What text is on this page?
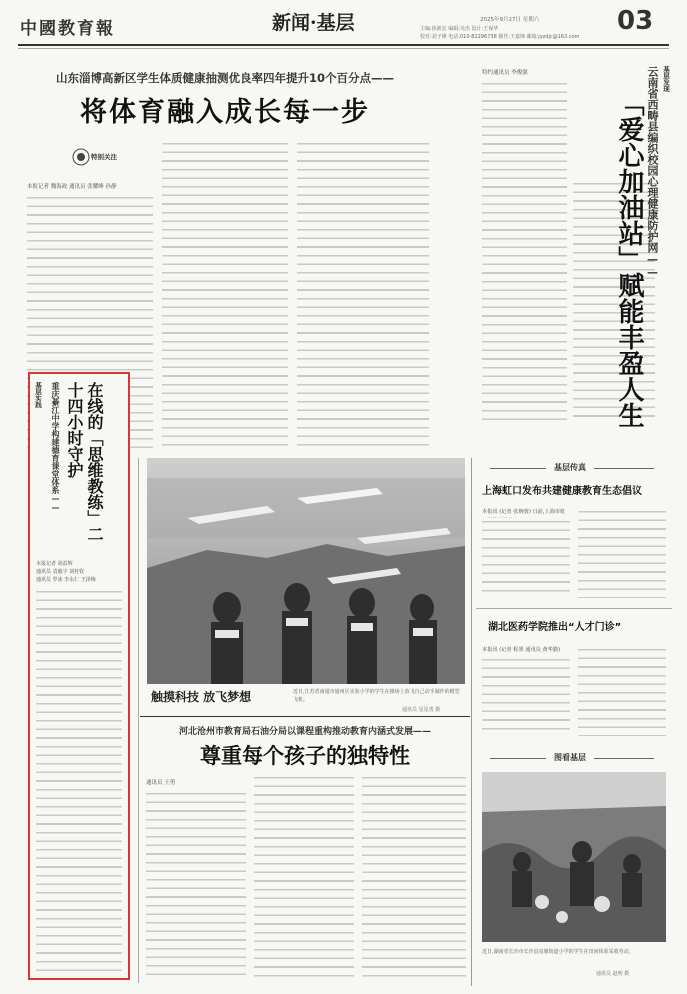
中國教育報	新闻·基层	2025年9月27日 星期六
主编:焦新宏 编辑:吴杰 设计:王保华
校对:刘子锋 电话:010-82296738 制作:王嘉锋 邮箱:jyzdjc@163.com
03
山东淄博高新区学生体质健康抽测优良率四年提升10个百分点——
将体育融入成长每一步
特别关注
本报记者 魏海政 通讯员 张耀峰 孙静
特约通讯员 李俊强	基层发现
云南省西畴县编织校园心理健康防护网——
「爱心加油站」赋能丰盈人生
基层实践 重庆綦江中学构建德育课堂体系——	在线的「思维教练」二十四小时守护
本报记者 胡益辉
通讯员 袁毅宇 刘桂钦
通讯员 罗冰 李永仁 王泽梅
触摸科技 放飞梦想	近日,江苏省南通市通州区实验小学的学生在操场上放飞自己动手制作的模型飞机。
通讯员 星星勇 摄
河北沧州市教育局石油分局以课程重构推动教育内涵式发展——
尊重每个孩子的独特性
通讯员 王勇
基层传真
上海虹口发布共建健康教育生态倡议
本报讯 (记者 张婉蓉) 日前,上海市虹
湖北医药学院推出“人才门诊”
本报讯 (记者 程墨 通讯员 黄华勤)
图看基层
近日,湖南省长沙市长沙县泉塘街道小学的学生在田间体验采收劳动。
通讯员 赵明 摄
